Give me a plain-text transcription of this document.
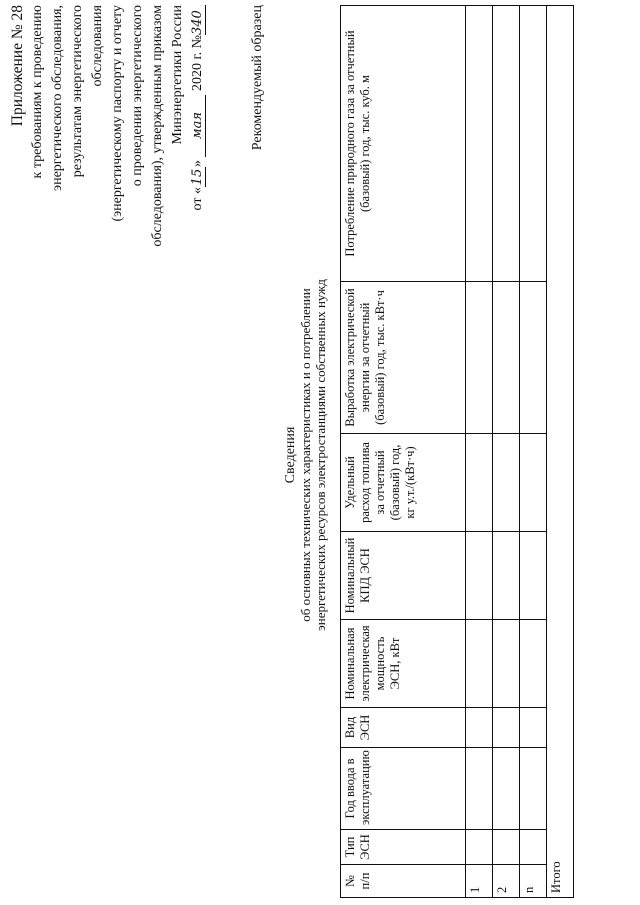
Приложение № 28 к требованиям к проведению энергетического обследования, результатам энергетического обследования (энергетическому паспорту и отчету о проведении энергетического обследования), утвержденным приказом Минэнергетики России
от «15» мая 2020 г. №340	Рекомендуемый образец
Сведения об основных технических характеристиках и о потреблении энергетических ресурсов электростанциями собственных нужд
№ п/п	Тип ЭСН	Год ввода в эксплуатацию	Вид ЭСН	Номинальная электрическая мощность ЭСН, кВт	Номинальный КПД ЭСН	Удельный расход топлива за отчетный (базовый) год, кг у.т./(кВт·ч)	Выработка электрической энергии за отчетный (базовый) год, тыс. кВт·ч	Потребление природного газа за отчетный (базовый) год, тыс. куб. м
1								
2								
n								
Итого								
